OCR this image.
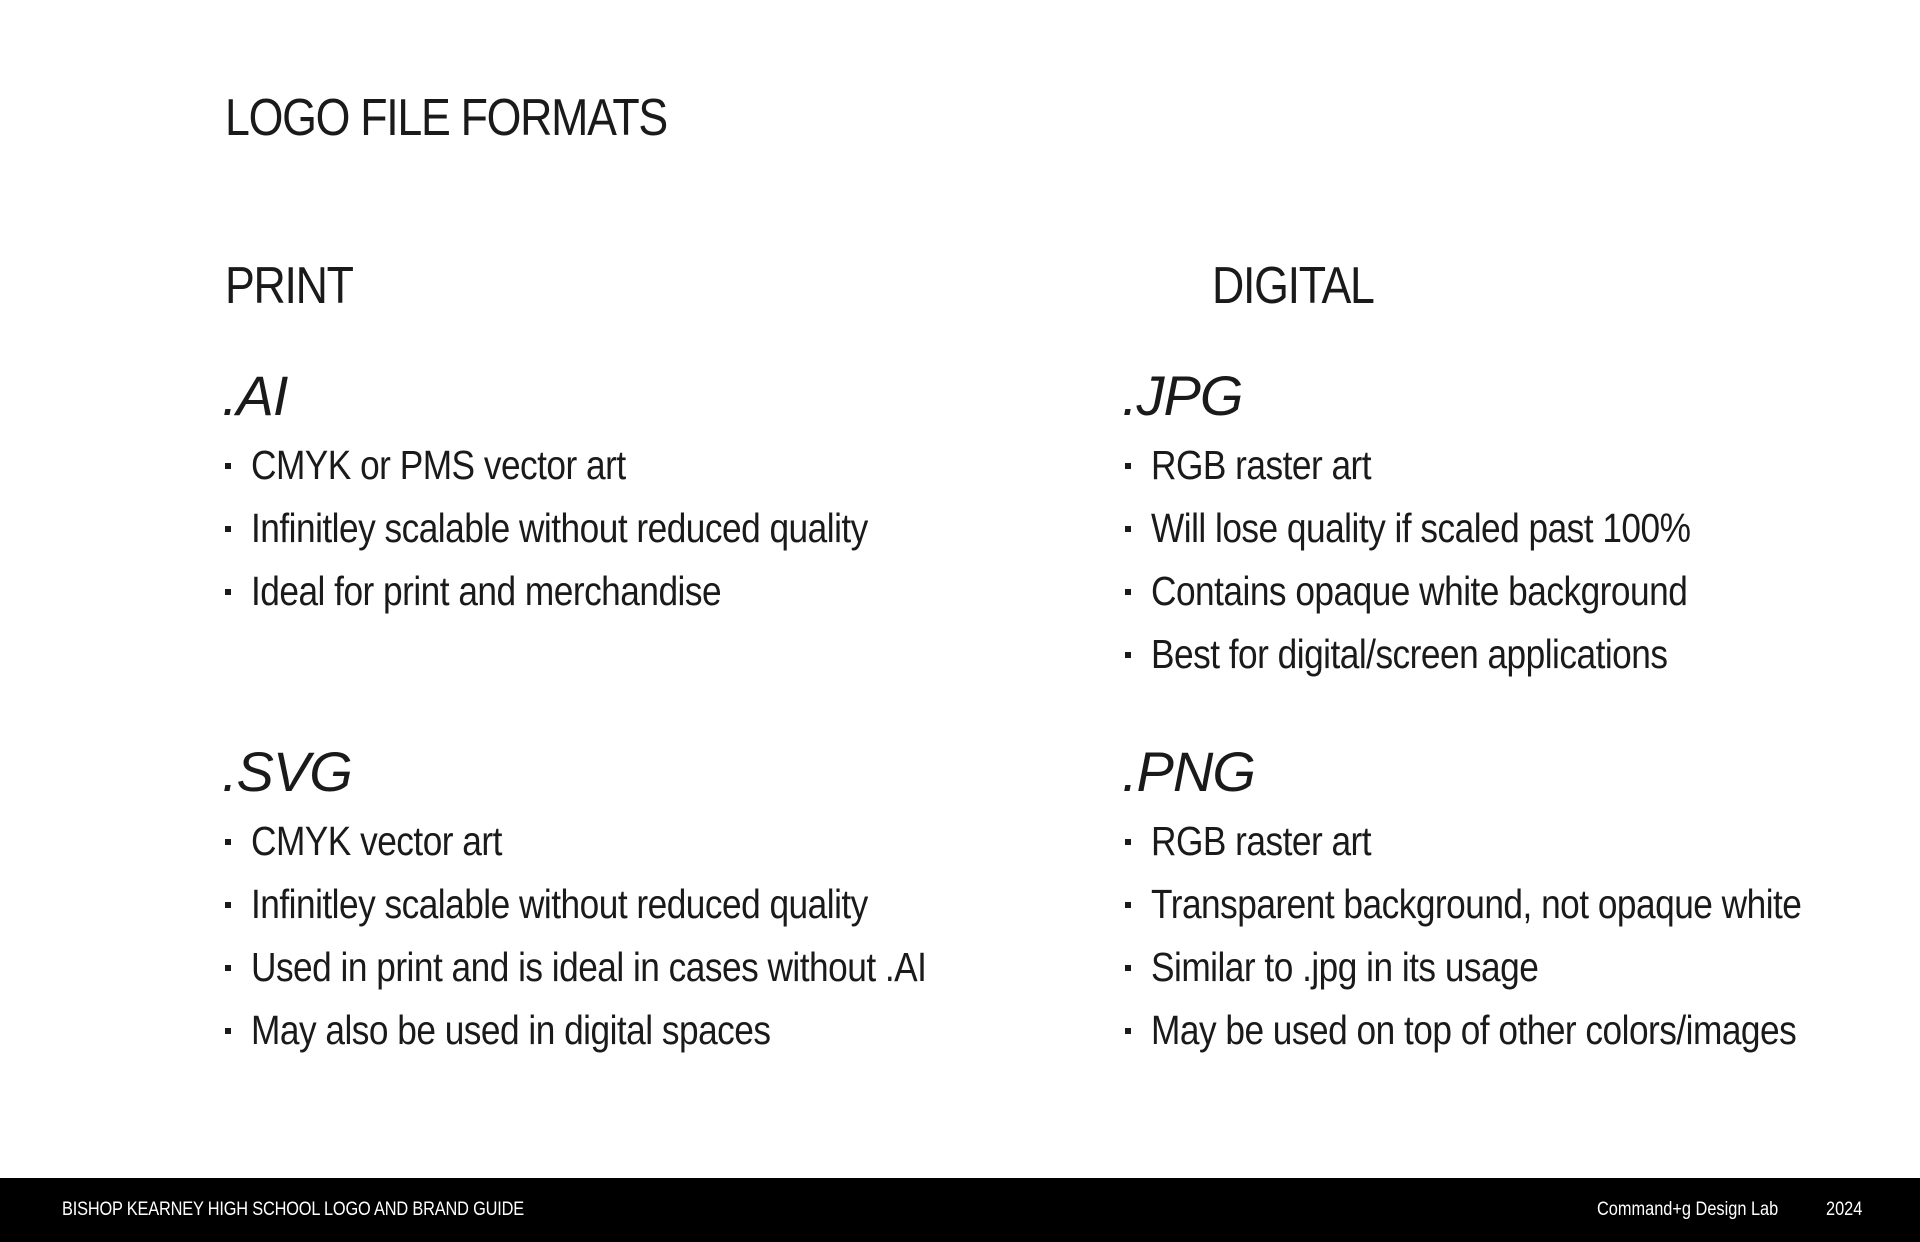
LOGO FILE FORMATS
PRINT	DIGITAL
.AI
CMYK or PMS vector art
Infinitley scalable without reduced quality
Ideal for print and merchandise
.JPG
RGB raster art
Will lose quality if scaled past 100%
Contains opaque white background
Best for digital/screen applications
.SVG
CMYK vector art
Infinitley scalable without reduced quality
Used in print and is ideal in cases without .AI
May also be used in digital spaces
.PNG
RGB raster art
Transparent background, not opaque white
Similar to .jpg in its usage
May be used on top of other colors/images
BISHOP KEARNEY HIGH SCHOOL LOGO AND BRAND GUIDE	Command+g Design Lab	2024
